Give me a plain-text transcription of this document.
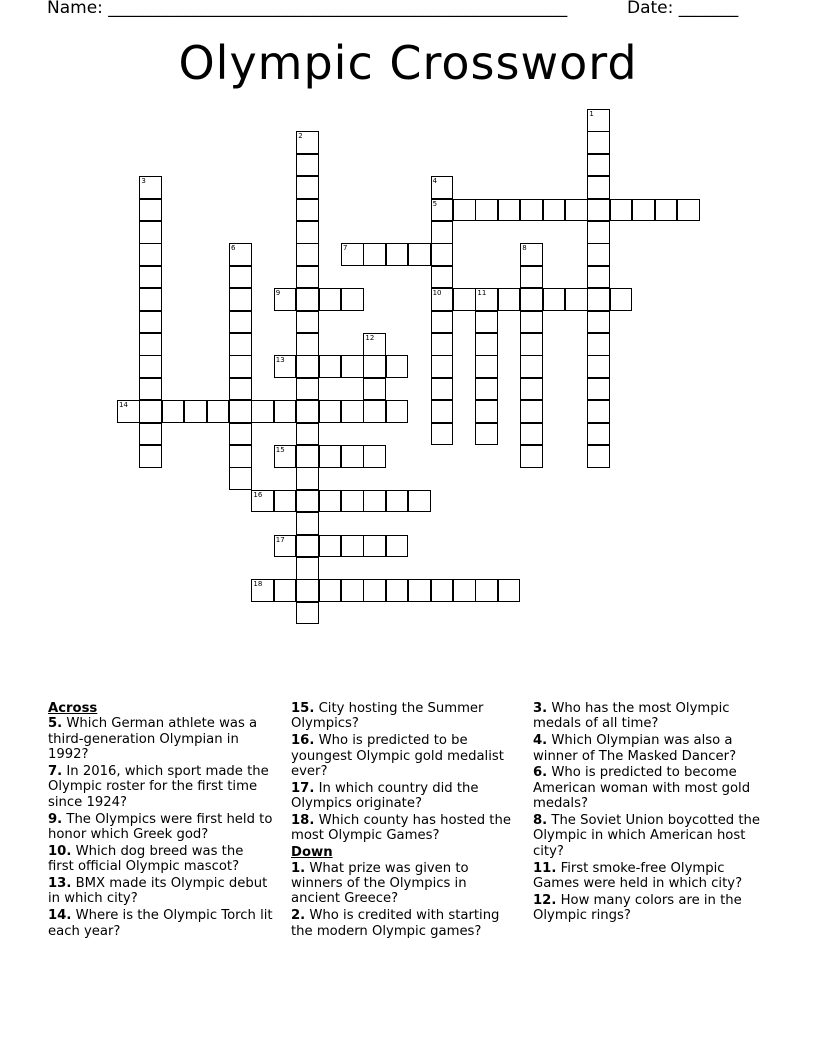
Name: ______________________________________________________	Date: _______
Olympic Crossword
1
2
3	4
5
6	7	8
9	10	11
12
13
14
15
16
17
18
Across
5. Which German athlete was a third-generation Olympian in 1992?
7. In 2016, which sport made the Olympic roster for the first time since 1924?
9. The Olympics were first held to honor which Greek god?
10. Which dog breed was the first official Olympic mascot?
13. BMX made its Olympic debut in which city?
14. Where is the Olympic Torch lit each year?
15. City hosting the Summer Olympics?
16. Who is predicted to be youngest Olympic gold medalist ever?
17. In which country did the Olympics originate?
18. Which county has hosted the most Olympic Games?
Down
1. What prize was given to winners of the Olympics in ancient Greece?
2. Who is credited with starting the modern Olympic games?
3. Who has the most Olympic medals of all time?
4. Which Olympian was also a winner of The Masked Dancer?
6. Who is predicted to become American woman with most gold medals?
8. The Soviet Union boycotted the Olympic in which American host city?
11. First smoke-free Olympic Games were held in which city?
12. How many colors are in the Olympic rings?
